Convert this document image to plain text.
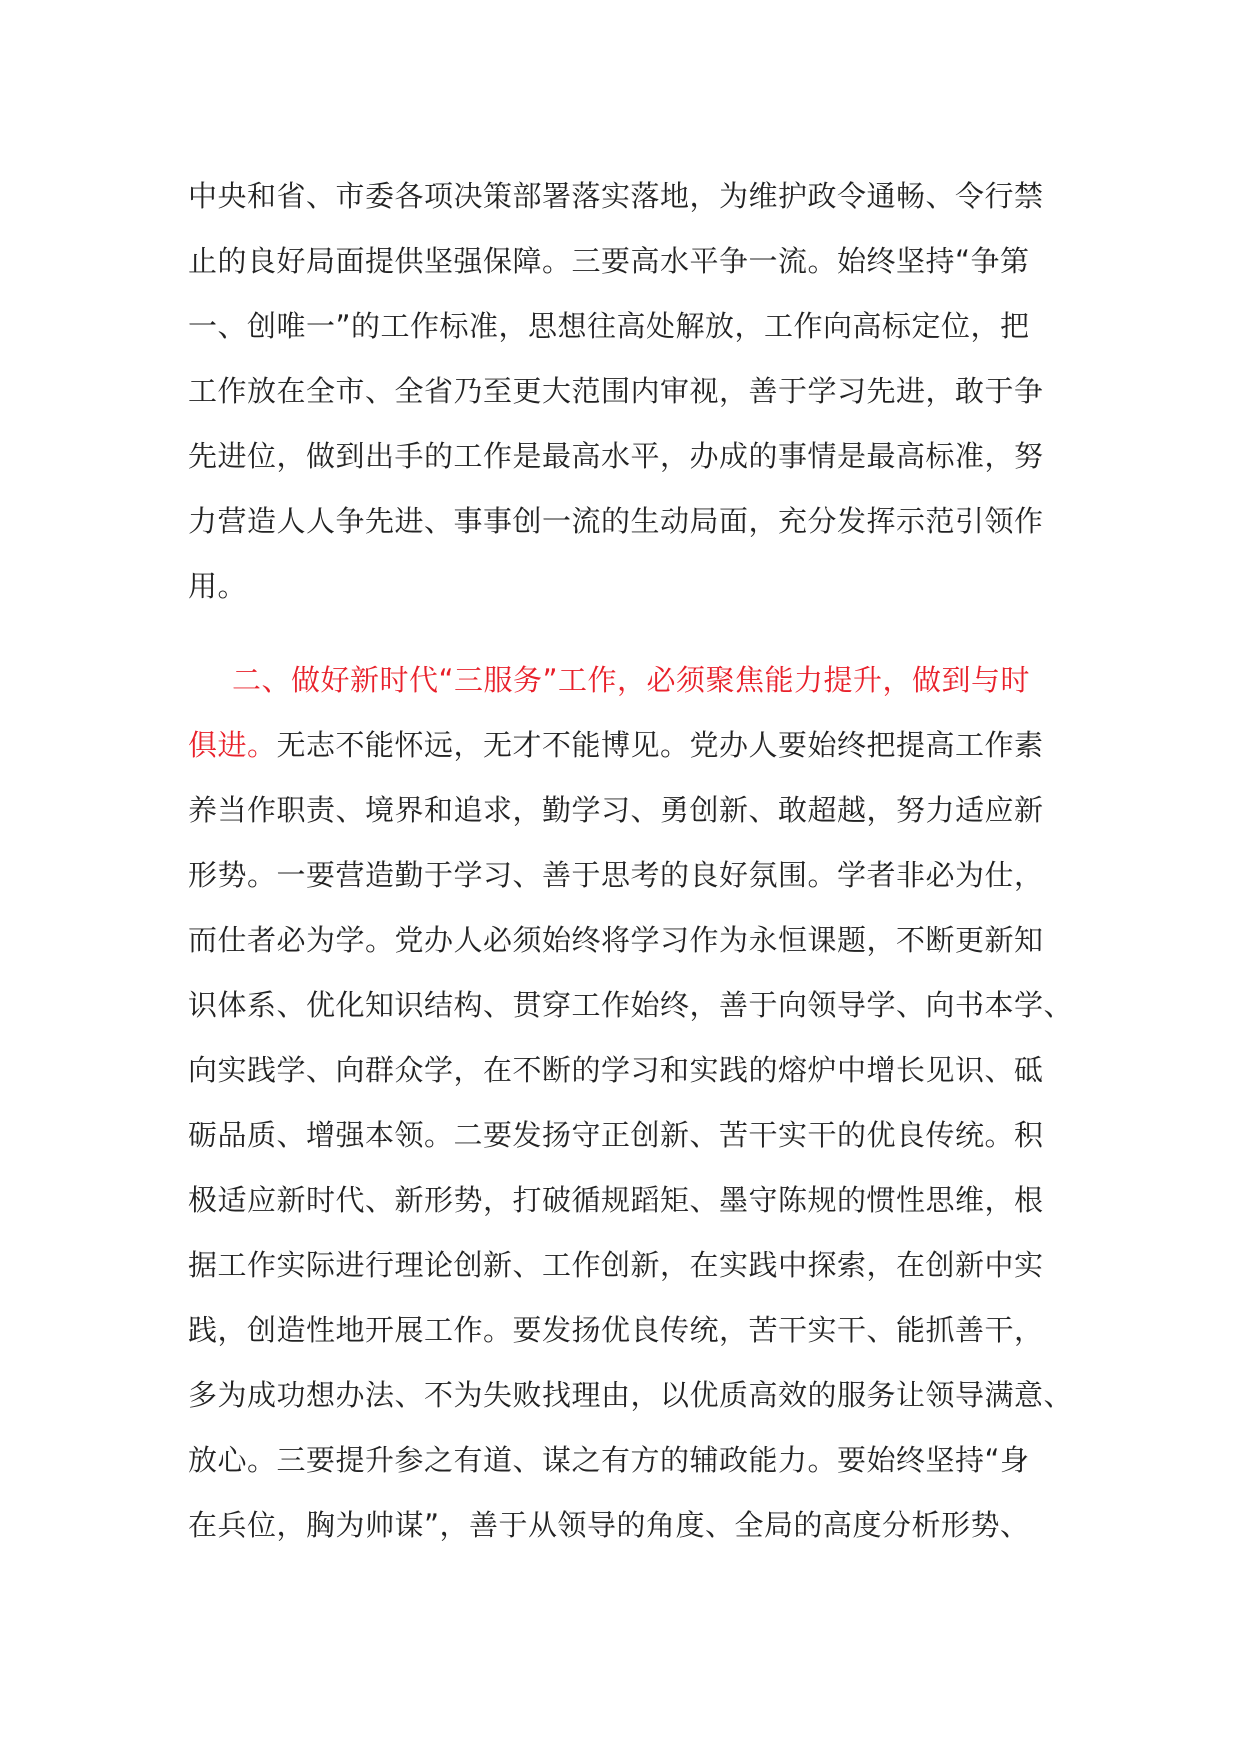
中央和省、市委各项决策部署落实落地，为维护政令通畅、令行禁
止的良好局面提供坚强保障。三要高水平争一流。始终坚持“争第
一、创唯一”的工作标准，思想往高处解放，工作向高标定位，把
工作放在全市、全省乃至更大范围内审视，善于学习先进，敢于争
先进位，做到出手的工作是最高水平，办成的事情是最高标准，努
力营造人人争先进、事事创一流的生动局面，充分发挥示范引领作
用。
二、做好新时代“三服务”工作，必须聚焦能力提升，做到与时
俱进。无志不能怀远，无才不能博见。党办人要始终把提高工作素
养当作职责、境界和追求，勤学习、勇创新、敢超越，努力适应新
形势。一要营造勤于学习、善于思考的良好氛围。学者非必为仕，
而仕者必为学。党办人必须始终将学习作为永恒课题，不断更新知
识体系、优化知识结构、贯穿工作始终，善于向领导学、向书本学、
向实践学、向群众学，在不断的学习和实践的熔炉中增长见识、砥
砺品质、增强本领。二要发扬守正创新、苦干实干的优良传统。积
极适应新时代、新形势，打破循规蹈矩、墨守陈规的惯性思维，根
据工作实际进行理论创新、工作创新，在实践中探索，在创新中实
践，创造性地开展工作。要发扬优良传统，苦干实干、能抓善干，
多为成功想办法、不为失败找理由，以优质高效的服务让领导满意、
放心。三要提升参之有道、谋之有方的辅政能力。要始终坚持“身
在兵位，胸为帅谋”，善于从领导的角度、全局的高度分析形势、
